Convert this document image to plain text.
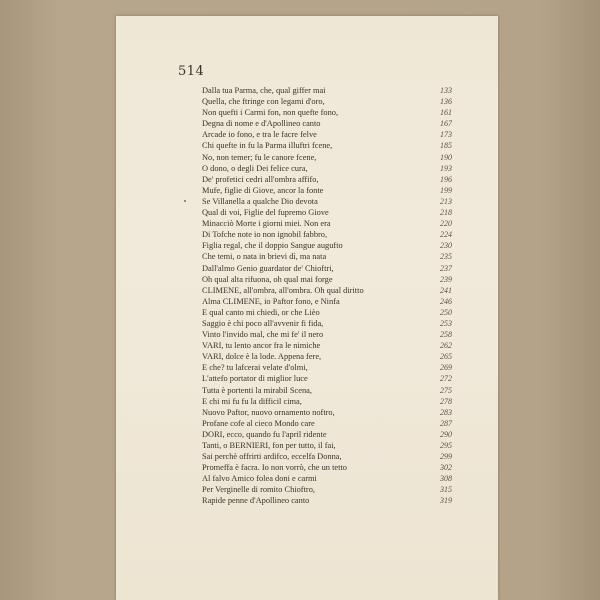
514
Dalla tua Parma, che, qual giffer mai	133
Quella, che ftringe con legami d'oro,	136
Non quefti i Carmi fon, non quefte fono,	161
Degna di nome e d'Apollineo canto	167
Arcade io fono, e tra le facre felve	173
Chi quefte in fu la Parma illuftri fcene,	185
No, non temer; fu le canore fcene,	190
O dono, o degli Dei felice cura,	193
De' profetici cedri all'ombra affifo,	196
Mufe, figlie di Giove, ancor la fonte	199
Se Villanella a qualche Dio devota	213
Qual di voi, Figlie del fupremo Giove	218
Minacciò Morte i giorni miei. Non era	220
Di Tofche note io non ignobil fabbro,	224
Figlia regal, che il doppio Sangue augufto	230
Che temi, o nata in brievi dì, ma nata	235
Dall'almo Genio guardator de' Chioftri,	237
Oh qual alta rifuona, oh qual mai forge	239
CLIMENE, all'ombra, all'ombra. Oh qual diritto	241
Alma CLIMENE, io Paftor fono, e Ninfa	246
E qual canto mi chiedi, or che Lièo	250
Saggio è chi poco all'avvenir fi fida,	253
Vinto l'invido mal, che mi fe' il nero	258
VARI, tu lento ancor fra le nimiche	262
VARI, dolce è la lode. Appena fere,	265
E che? tu lafcerai velate d'olmi,	269
L'attefo portator di miglior luce	272
Tutta è portenti la mirabil Scena,	275
E chi mi fu fu la difficil cima,	278
Nuovo Paftor, nuovo ornamento noftro,	283
Profane cofe al cieco Mondo care	287
DORI, ecco, quando fu l'april ridente	290
Tanti, o BERNIERI, fon per tutto, il fai,	295
Sai perchè offrirti ardifco, eccelfa Donna,	299
Promeffa è facra. Io non vorrò, che un tetto	302
Al falvo Amico folea doni e carmi	308
Per Verginelle di romito Chioftro,	315
Rapide penne d'Apollineo canto	319
